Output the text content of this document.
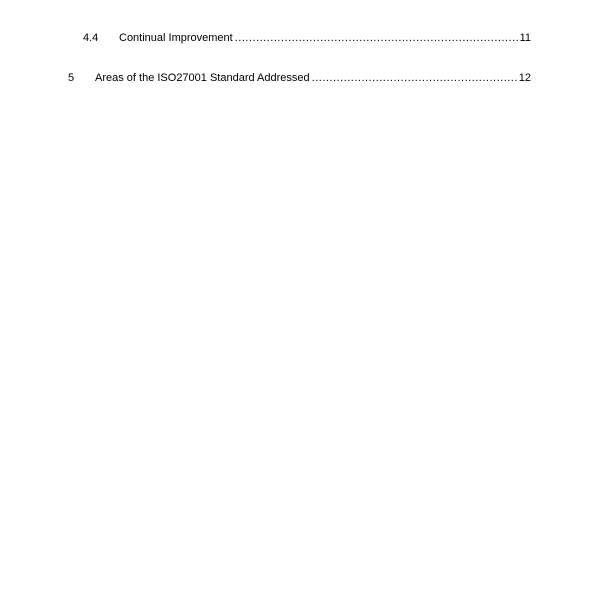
4.4	Continual Improvement .....	11
5	Areas of the ISO27001 Standard Addressed .....	12
